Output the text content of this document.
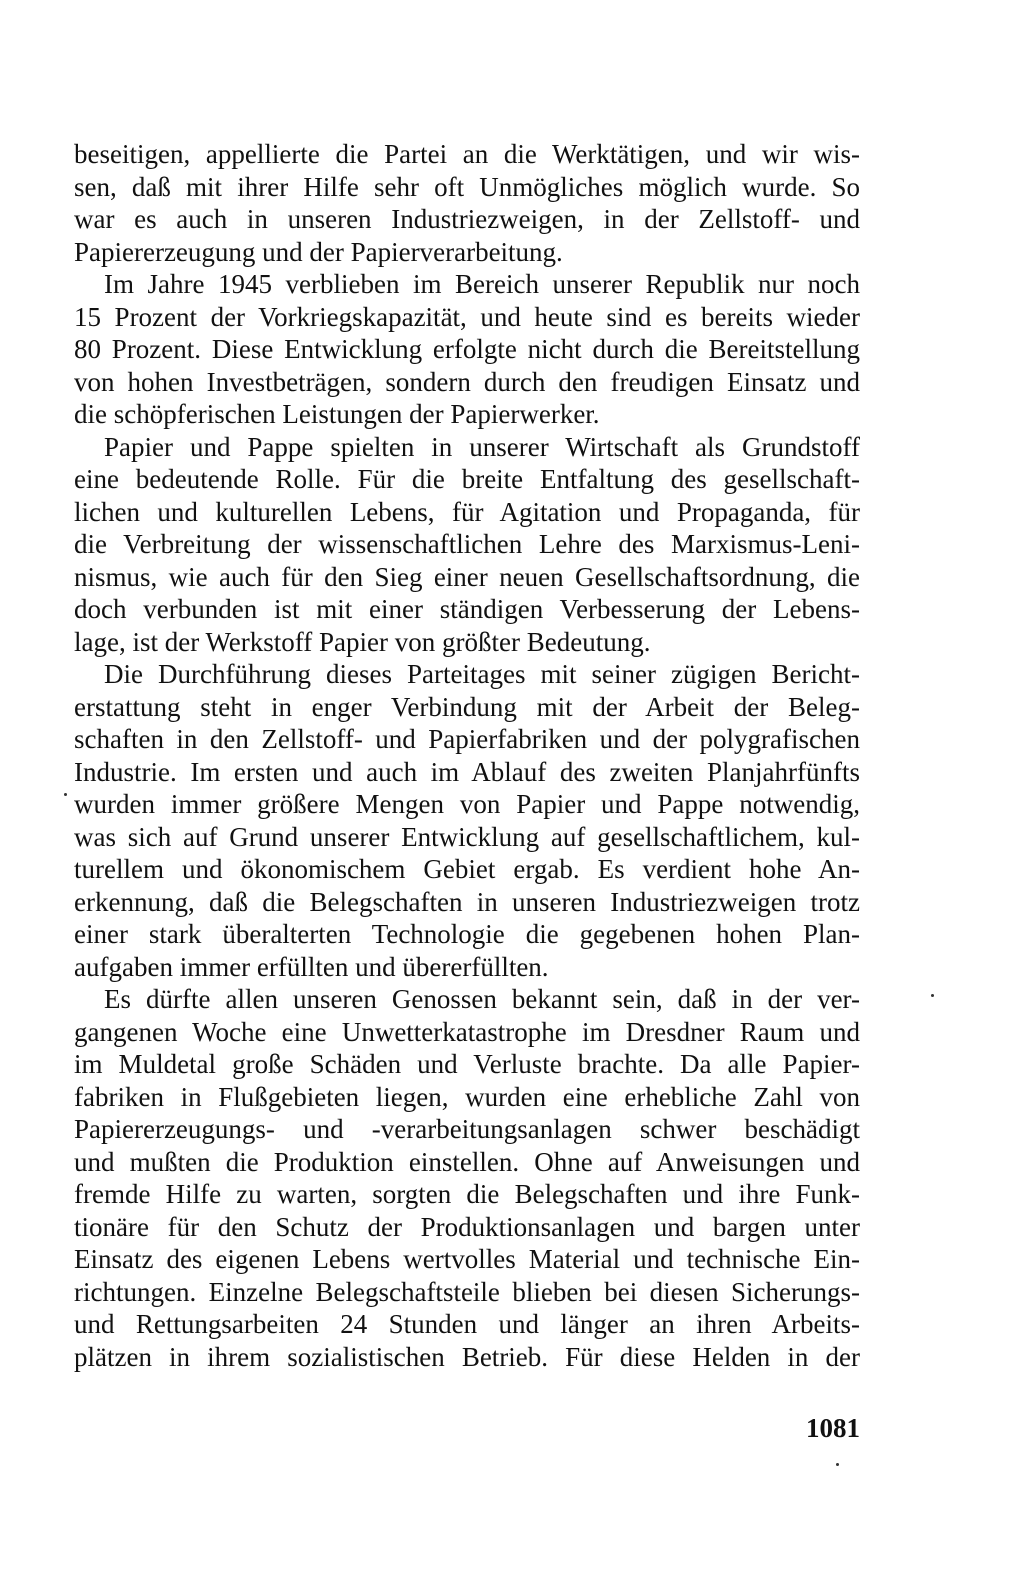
beseitigen, appellierte die Partei an die Werktätigen, und wir wis-
sen, daß mit ihrer Hilfe sehr oft Unmögliches möglich wurde. So
war es auch in unseren Industriezweigen, in der Zellstoff- und
Papiererzeugung und der Papierverarbeitung.
Im Jahre 1945 verblieben im Bereich unserer Republik nur noch
15 Prozent der Vorkriegskapazität, und heute sind es bereits wieder
80 Prozent. Diese Entwicklung erfolgte nicht durch die Bereitstellung
von hohen Investbeträgen, sondern durch den freudigen Einsatz und
die schöpferischen Leistungen der Papierwerker.
Papier und Pappe spielten in unserer Wirtschaft als Grundstoff
eine bedeutende Rolle. Für die breite Entfaltung des gesellschaft-
lichen und kulturellen Lebens, für Agitation und Propaganda, für
die Verbreitung der wissenschaftlichen Lehre des Marxismus-Leni-
nismus, wie auch für den Sieg einer neuen Gesellschaftsordnung, die
doch verbunden ist mit einer ständigen Verbesserung der Lebens-
lage, ist der Werkstoff Papier von größter Bedeutung.
Die Durchführung dieses Parteitages mit seiner zügigen Bericht-
erstattung steht in enger Verbindung mit der Arbeit der Beleg-
schaften in den Zellstoff- und Papierfabriken und der polygrafischen
Industrie. Im ersten und auch im Ablauf des zweiten Planjahrfünfts
wurden immer größere Mengen von Papier und Pappe notwendig,
was sich auf Grund unserer Entwicklung auf gesellschaftlichem, kul-
turellem und ökonomischem Gebiet ergab. Es verdient hohe An-
erkennung, daß die Belegschaften in unseren Industriezweigen trotz
einer stark überalterten Technologie die gegebenen hohen Plan-
aufgaben immer erfüllten und übererfüllten.
Es dürfte allen unseren Genossen bekannt sein, daß in der ver-
gangenen Woche eine Unwetterkatastrophe im Dresdner Raum und
im Muldetal große Schäden und Verluste brachte. Da alle Papier-
fabriken in Flußgebieten liegen, wurden eine erhebliche Zahl von
Papiererzeugungs- und -verarbeitungsanlagen schwer beschädigt
und mußten die Produktion einstellen. Ohne auf Anweisungen und
fremde Hilfe zu warten, sorgten die Belegschaften und ihre Funk-
tionäre für den Schutz der Produktionsanlagen und bargen unter
Einsatz des eigenen Lebens wertvolles Material und technische Ein-
richtungen. Einzelne Belegschaftsteile blieben bei diesen Sicherungs-
und Rettungsarbeiten 24 Stunden und länger an ihren Arbeits-
plätzen in ihrem sozialistischen Betrieb. Für diese Helden in der
1081
